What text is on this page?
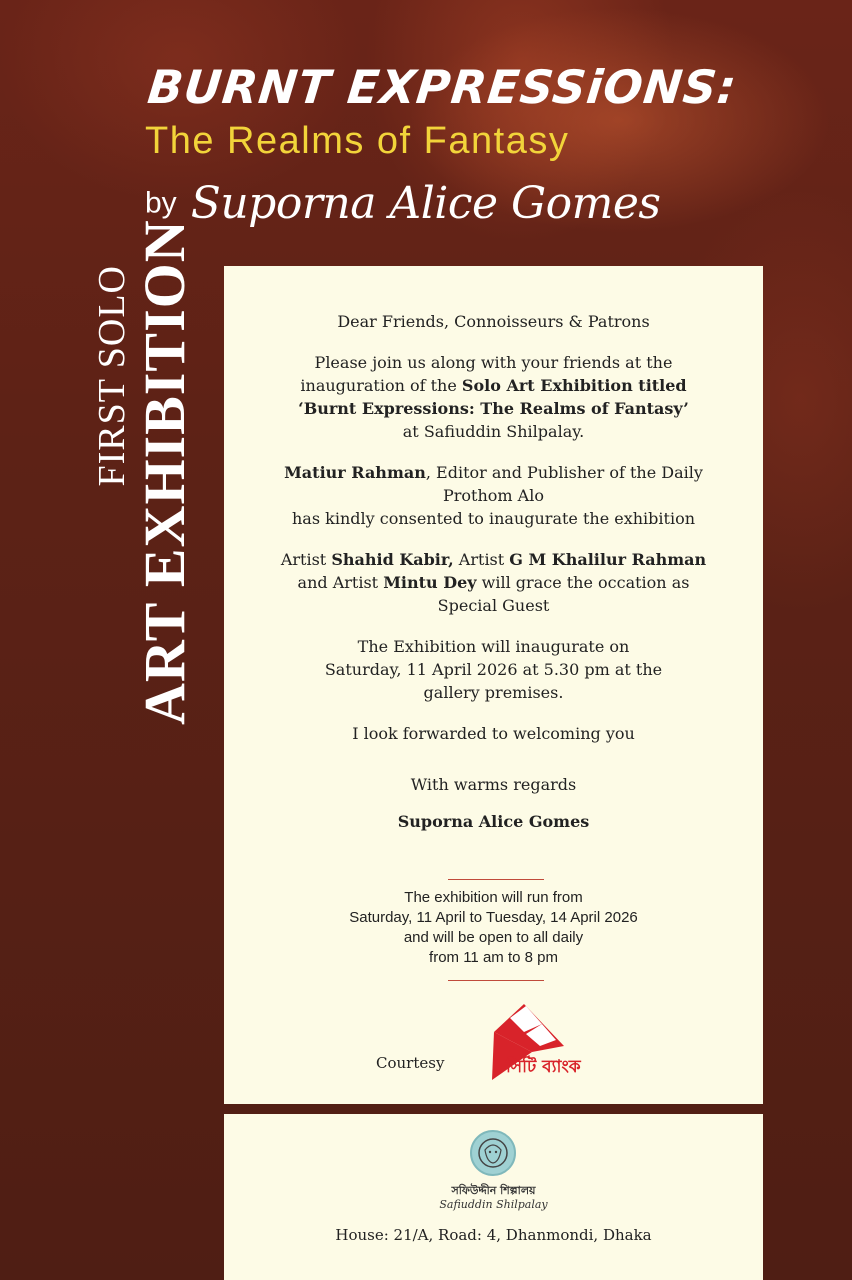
BURNT EXPRESSiONS:
The Realms of Fantasy
by Suporna Alice Gomes
FIRST SOLO ART EXHIBITION	Dear Friends, Connoisseurs & Patrons

Please join us along with your friends at the
inauguration of the Solo Art Exhibition titled
‘Burnt Expressions: The Realms of Fantasy’
at Safiuddin Shilpalay.

Matiur Rahman, Editor and Publisher of the Daily
Prothom Alo
has kindly consented to inaugurate the exhibition

Artist Shahid Kabir, Artist G M Khalilur Rahman
and Artist Mintu Dey will grace the occation as
Special Guest

The Exhibition will inaugurate on
Saturday, 11 April 2026 at 5.30 pm at the
gallery premises.

I look forwarded to welcoming you

With warms regards

Suporna Alice Gomes

The exhibition will run from
Saturday, 11 April to Tuesday, 14 April 2026
and will be open to all daily
from 11 am to 8 pm
Courtesy	সিটি ব্যাংক
সফিউদ্দীন শিল্পালয়
Safiuddin Shilpalay
House: 21/A, Road: 4, Dhanmondi, Dhaka
